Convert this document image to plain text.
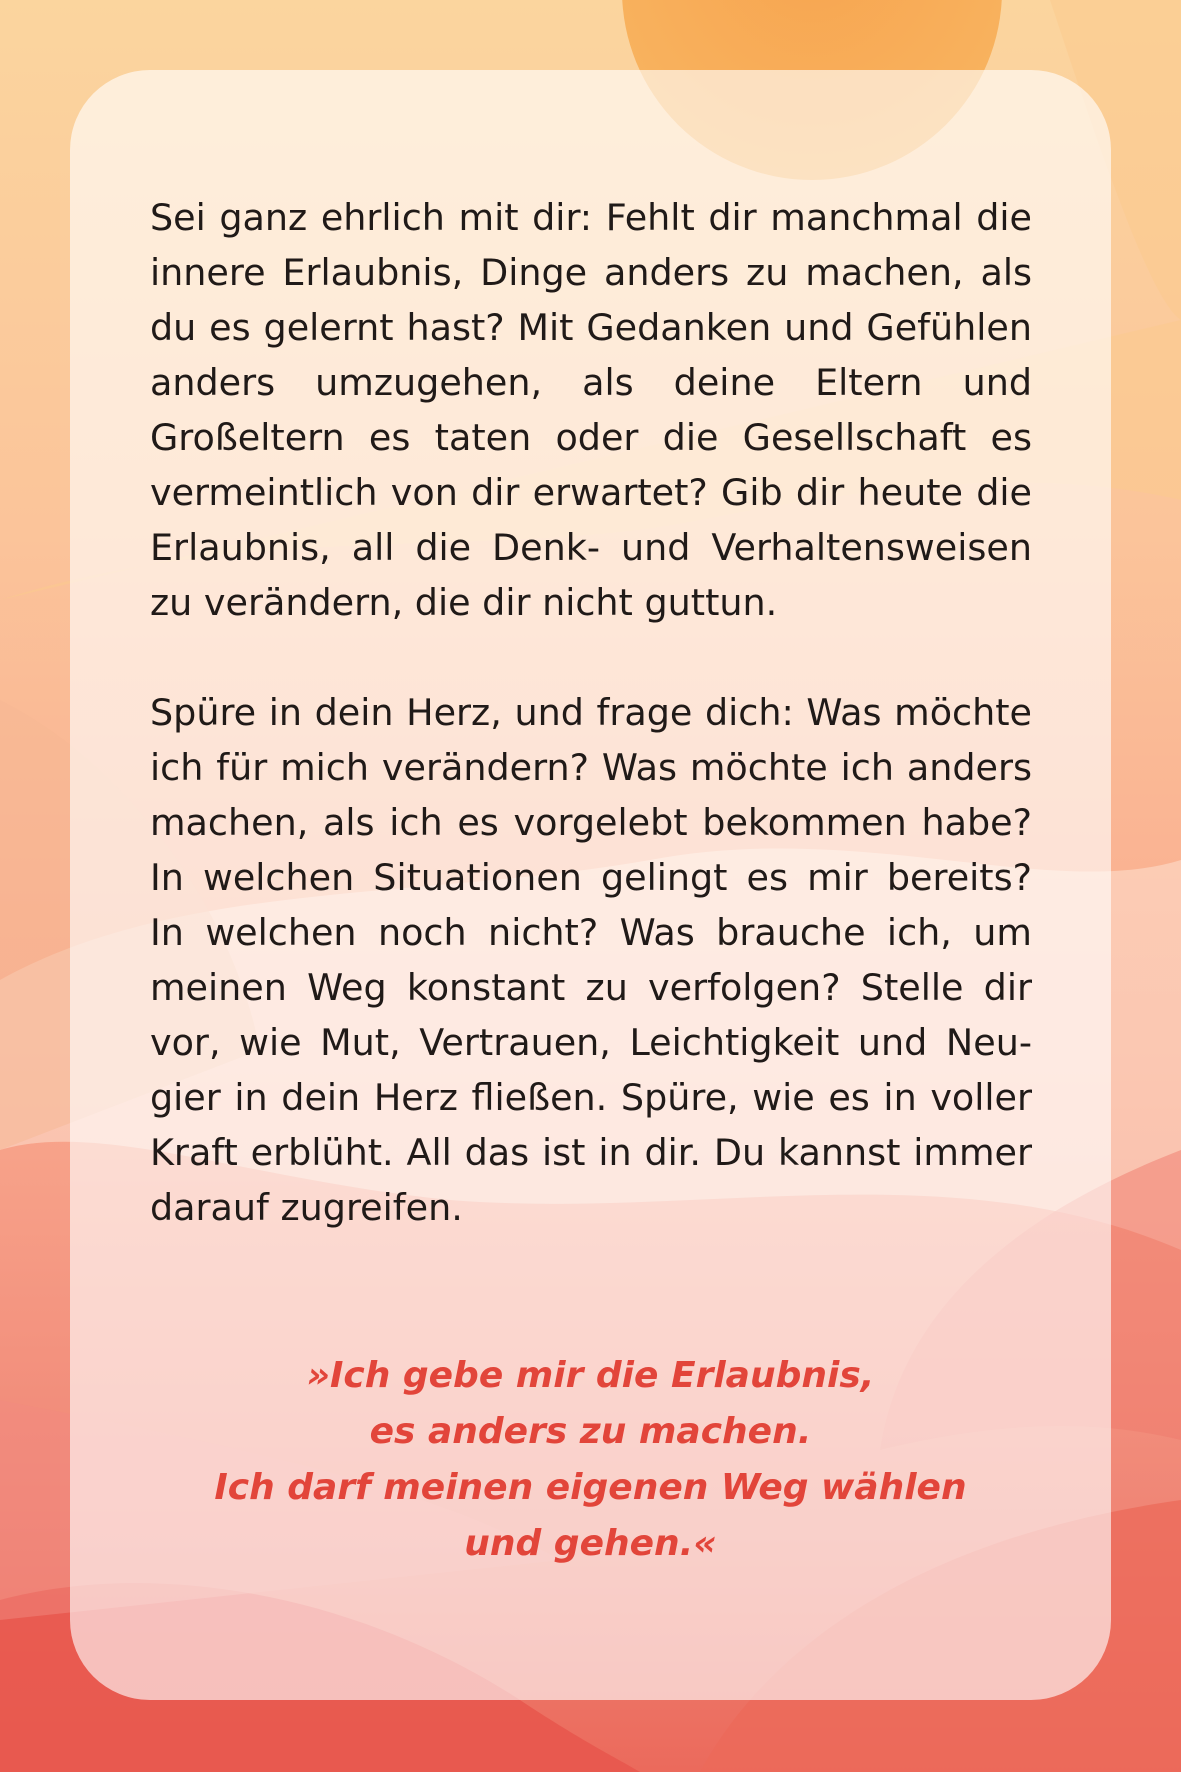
Sei ganz ehrlich mit dir: Fehlt dir manchmal die innere Erlaubnis, Dinge anders zu machen, als du es gelernt hast? Mit Gedanken und Gefühlen anders umzugehen, als deine Eltern und Großeltern es taten oder die Gesellschaft es vermeintlich von dir erwartet? Gib dir heute die Erlaubnis, all die Denk- und Verhaltensweisen zu verändern, die dir nicht guttun.

Spüre in dein Herz, und frage dich: Was möchte ich für mich verändern? Was möchte ich anders machen, als ich es vorgelebt bekommen habe? In welchen Situationen gelingt es mir bereits? In welchen noch nicht? Was brauche ich, um meinen Weg konstant zu verfolgen? Stelle dir vor, wie Mut, Vertrauen, Leichtigkeit und Neugier in dein Herz fließen. Spüre, wie es in voller Kraft erblüht. All das ist in dir. Du kannst immer darauf zugreifen.

»Ich gebe mir die Erlaubnis,
es anders zu machen.
Ich darf meinen eigenen Weg wählen
und gehen.«
